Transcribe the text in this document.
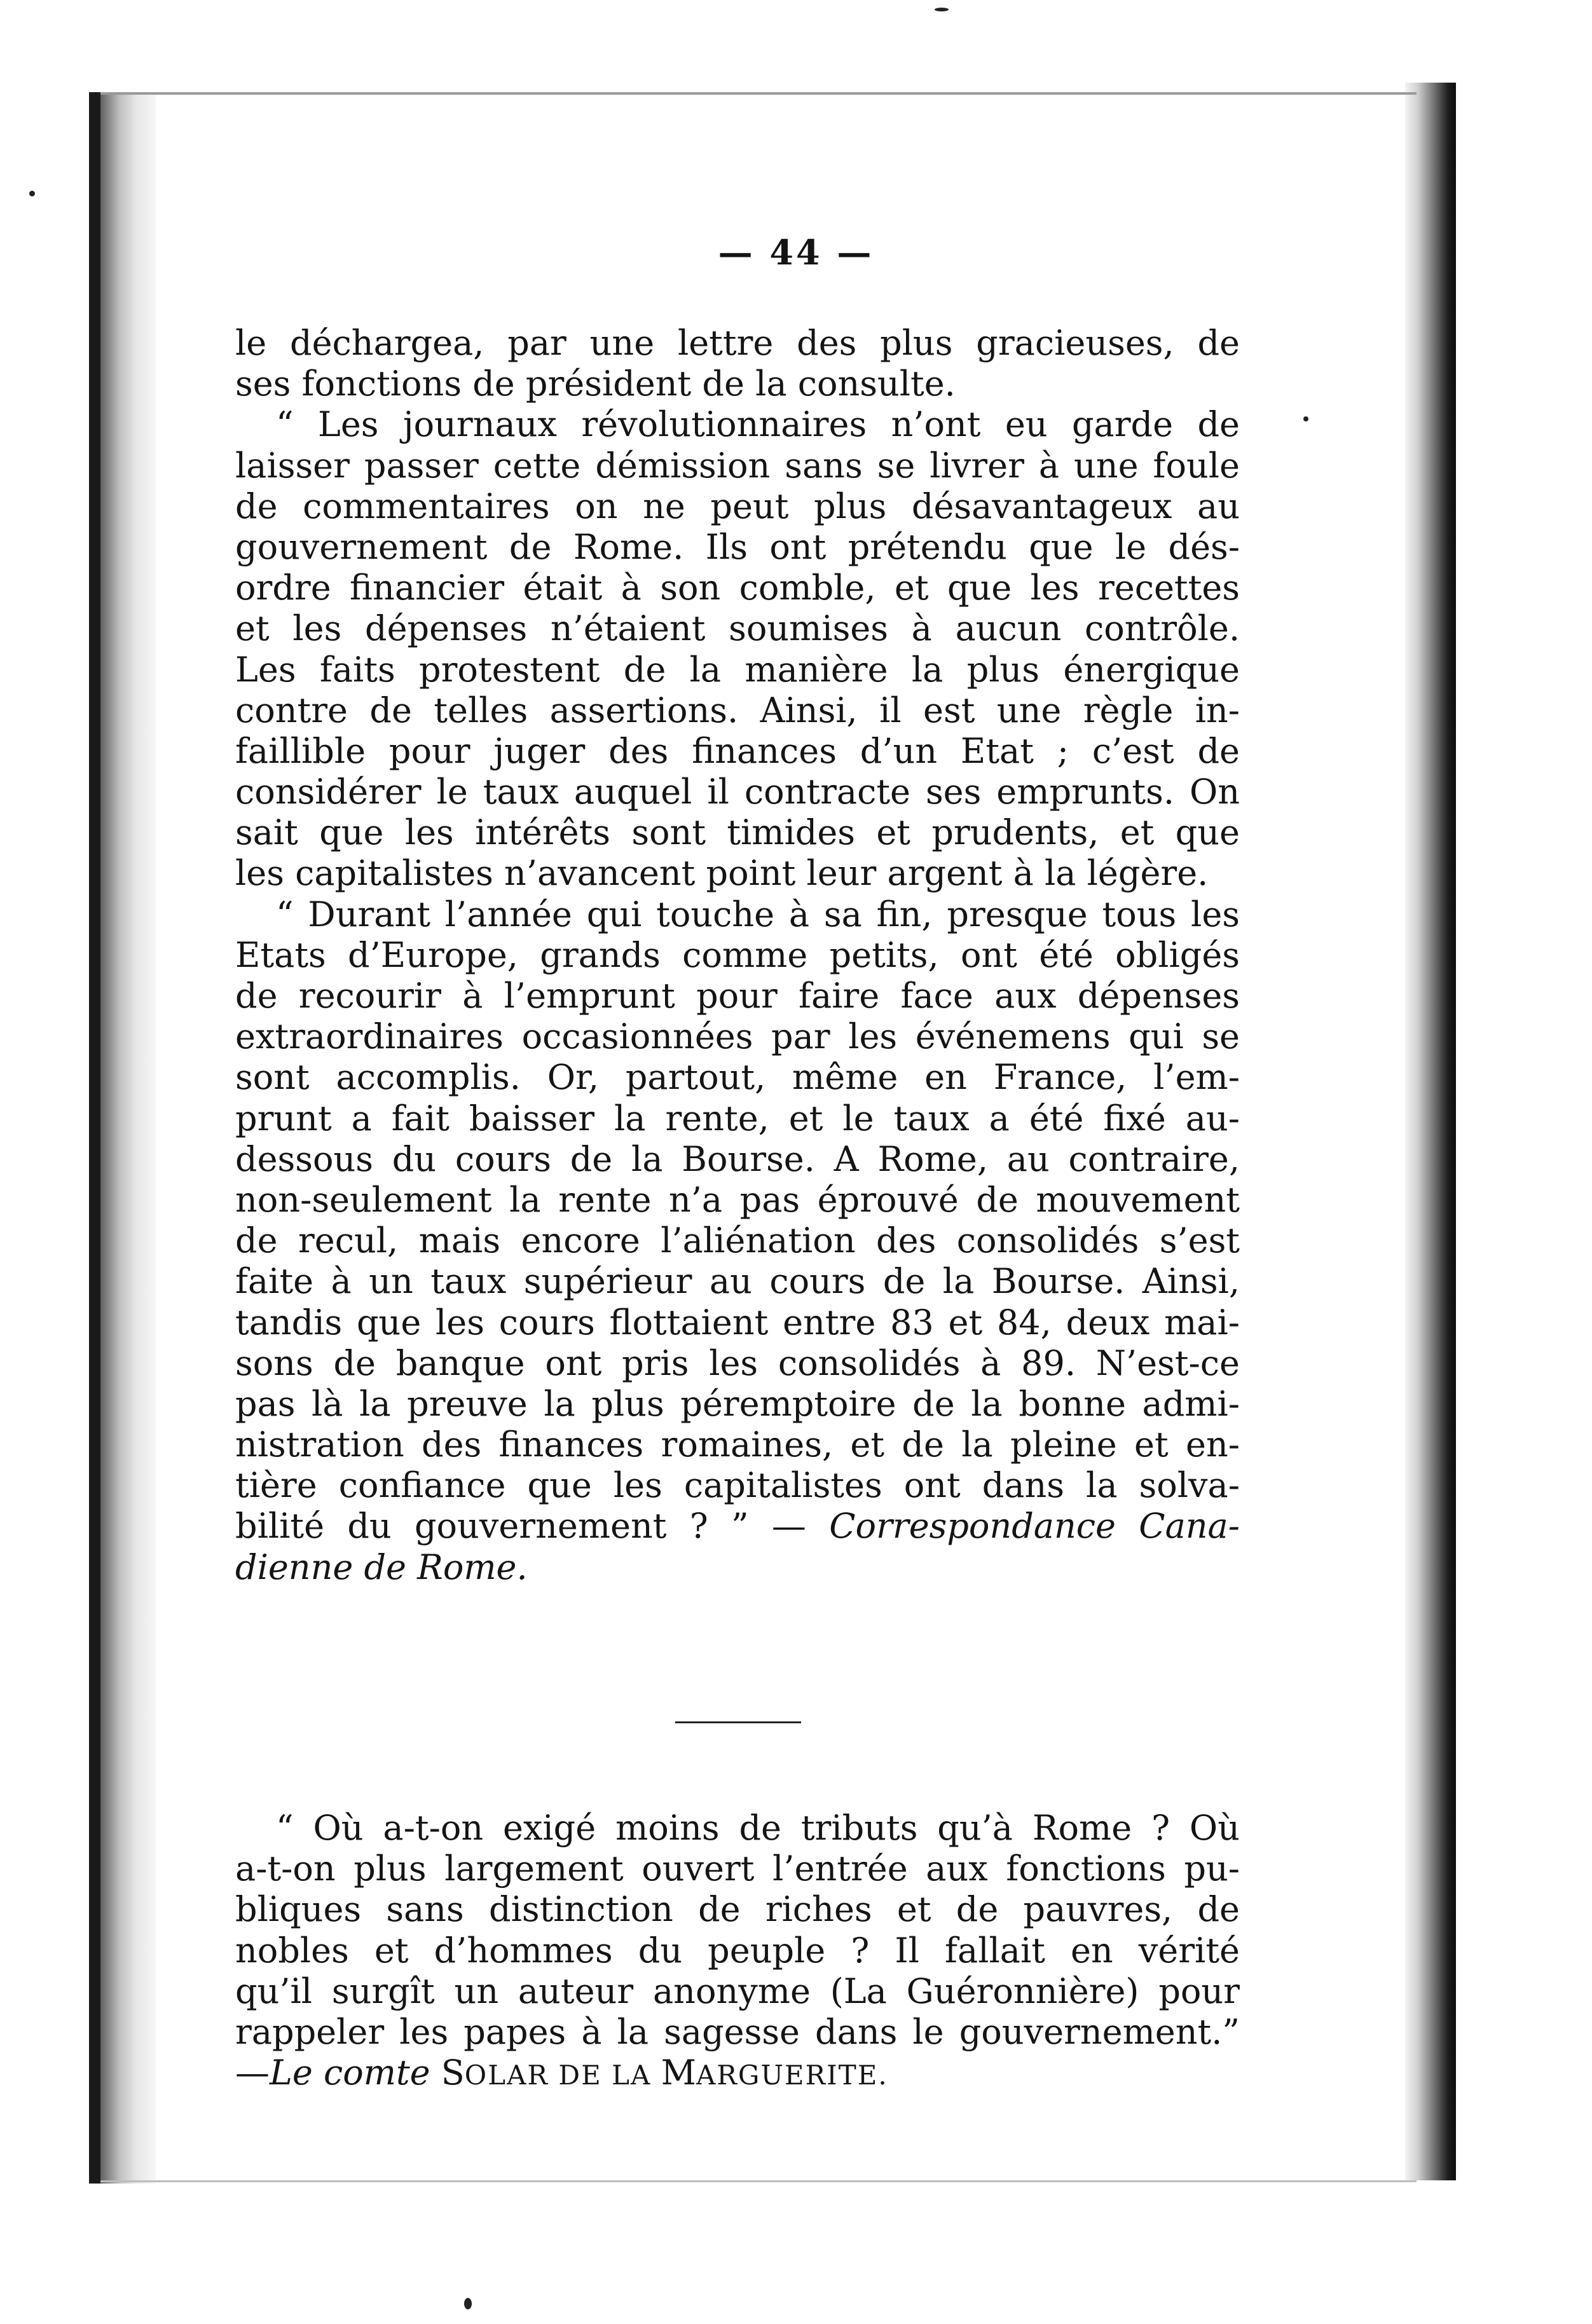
— 44 —
le déchargea, par une lettre des plus gracieuses, de
ses fonctions de président de la consulte.
“ Les journaux révolutionnaires n’ont eu garde de
laisser passer cette démission sans se livrer à une foule
de commentaires on ne peut plus désavantageux au
gouvernement de Rome. Ils ont prétendu que le dés-
ordre financier était à son comble, et que les recettes
et les dépenses n’étaient soumises à aucun contrôle.
Les faits protestent de la manière la plus énergique
contre de telles assertions. Ainsi, il est une règle in-
faillible pour juger des finances d’un Etat ; c’est de
considérer le taux auquel il contracte ses emprunts. On
sait que les intérêts sont timides et prudents, et que
les capitalistes n’avancent point leur argent à la légère.
“ Durant l’année qui touche à sa fin, presque tous les
Etats d’Europe, grands comme petits, ont été obligés
de recourir à l’emprunt pour faire face aux dépenses
extraordinaires occasionnées par les événemens qui se
sont accomplis. Or, partout, même en France, l’em-
prunt a fait baisser la rente, et le taux a été fixé au-
dessous du cours de la Bourse. A Rome, au contraire,
non-seulement la rente n’a pas éprouvé de mouvement
de recul, mais encore l’aliénation des consolidés s’est
faite à un taux supérieur au cours de la Bourse. Ainsi,
tandis que les cours flottaient entre 83 et 84, deux mai-
sons de banque ont pris les consolidés à 89. N’est-ce
pas là la preuve la plus péremptoire de la bonne admi-
nistration des finances romaines, et de la pleine et en-
tière confiance que les capitalistes ont dans la solva-
bilité du gouvernement ? ” — Correspondance Cana-
dienne de Rome.
“ Où a-t-on exigé moins de tributs qu’à Rome ? Où
a-t-on plus largement ouvert l’entrée aux fonctions pu-
bliques sans distinction de riches et de pauvres, de
nobles et d’hommes du peuple ? Il fallait en vérité
qu’il surgît un auteur anonyme (La Guéronnière) pour
rappeler les papes à la sagesse dans le gouvernement.”
—Le comte SOLAR DE LA MARGUERITE.
